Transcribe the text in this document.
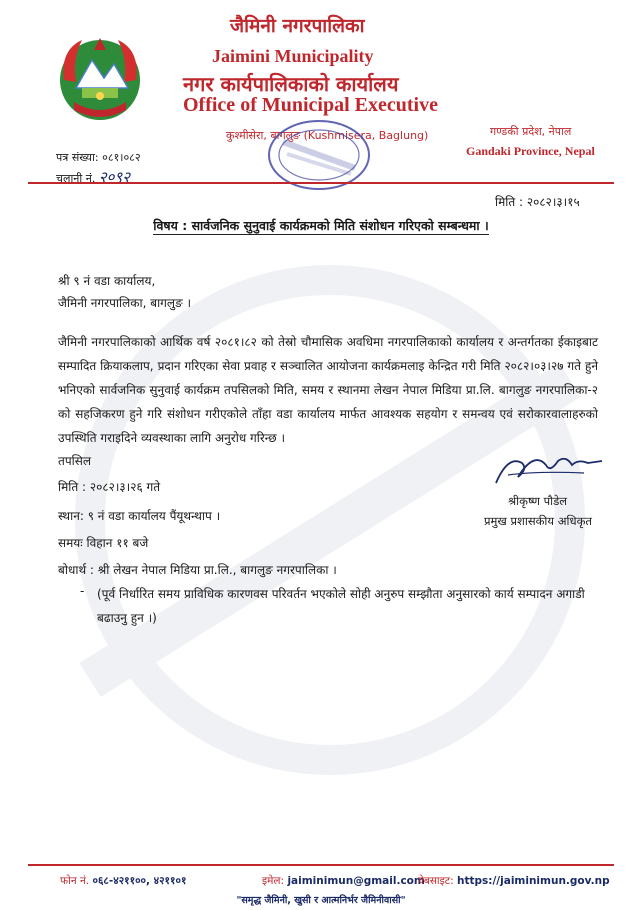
जैमिनी नगरपालिका
Jaimini Municipality
नगर कार्यपालिकाको कार्यालय
Office of Municipal Executive
कुश्मीसेरा, बागलुङ (Kushmisera, Baglung)	गण्डकी प्रदेश, नेपाल
Gandaki Province, Nepal
पत्र संख्या: ०८१।०८२
चलानी नं. २०९२
मिति : २०८२।३।१५
विषय : सार्वजनिक सुनुवाई कार्यक्रमको मिति संशोधन गरिएको सम्बन्धमा ।
श्री ९ नं वडा कार्यालय,
जैमिनी नगरपालिका, बागलुङ ।
जैमिनी नगरपालिकाको आर्थिक वर्ष २०८१।८२ को तेस्रो चौमासिक अवधिमा नगरपालिकाको कार्यालय र अन्तर्गतका ईकाइबाट सम्पादित क्रियाकलाप, प्रदान गरिएका सेवा प्रवाह र सञ्चालित आयोजना कार्यक्रमलाइ केन्द्रित गरी मिति २०८२।०३।२७ गते हुने भनिएको सार्वजनिक सुनुवाई कार्यक्रम तपसिलको मिति, समय र स्थानमा लेखन नेपाल मिडिया प्रा.लि. बागलुङ नगरपालिका-२ को सहजिकरण हुने गरि संशोधन गरीएकोले ताँहा वडा कार्यालय मार्फत आवश्यक सहयोग र समन्वय एवं सरोकारवालाहरुको उपस्थिति गराइदिने व्यवस्थाका लागि अनुरोध गरिन्छ ।
तपसिल
मिति : २०८२।३।२६ गते
स्थान: ९ नं वडा कार्यालय पैंयूथन्थाप ।
समयः विहान ११ बजे
बोधार्थ : श्री लेखन नेपाल मिडिया प्रा.लि., बागलुङ नगरपालिका ।
- (पूर्व निर्धारित समय प्राविधिक कारणवस परिवर्तन भएकोले सोही अनुरुप सम्झौता अनुसारको कार्य सम्पादन अगाडी बढाउनु हुन ।)
श्रीकृष्ण पौडेल
प्रमुख प्रशासकीय अधिकृत
फोन नं. ०६८-४२११००, ४२११०१	इमेल: jaiminimun@gmail.com
वेबसाइट: https://jaiminimun.gov.np
"समृद्ध जैमिनी, खुसी र आत्मनिर्भर जैमिनीवासी"
